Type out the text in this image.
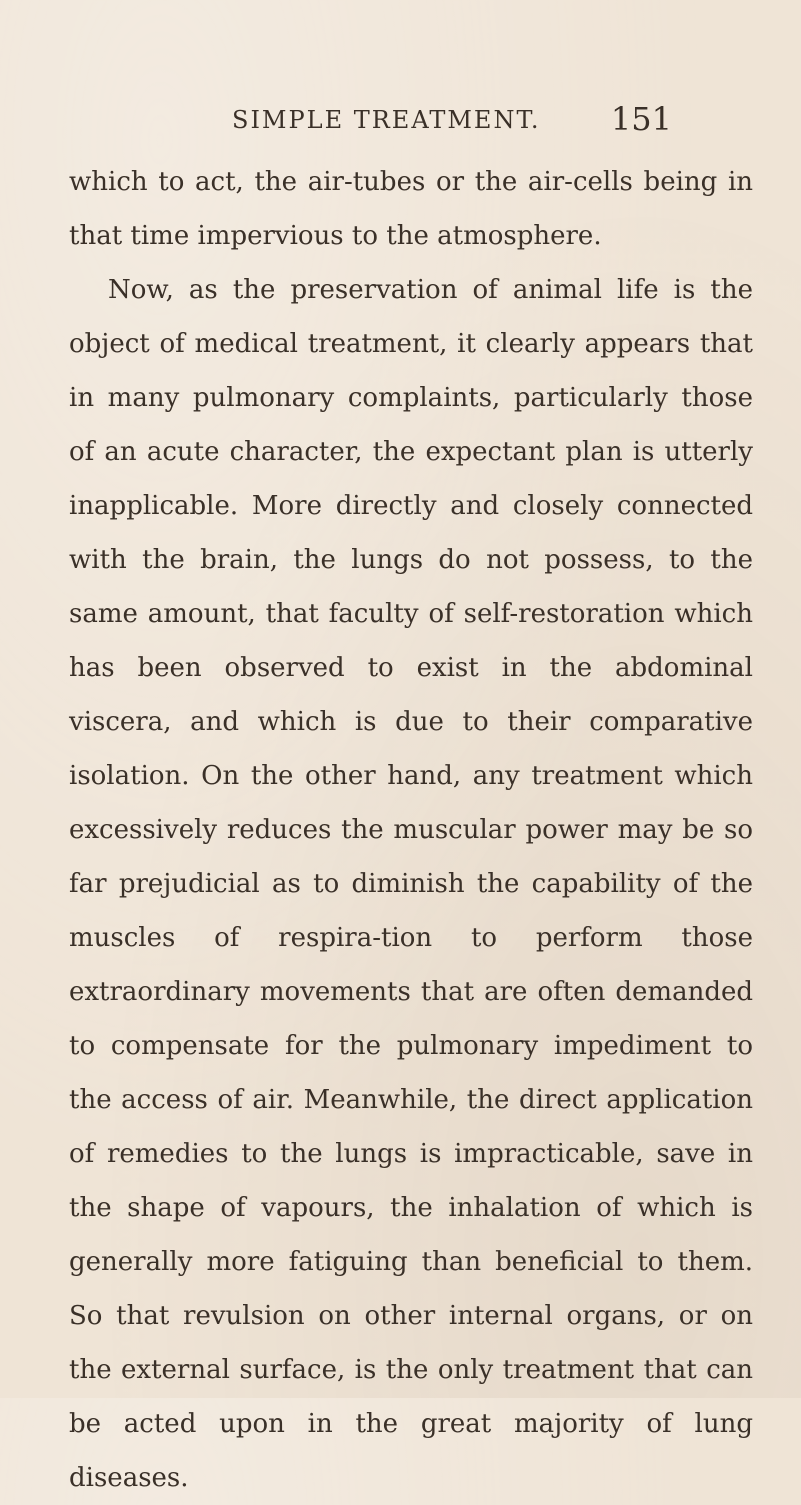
SIMPLE TREATMENT. 151

which to act, the air-tubes or the air-cells being in that time impervious to the atmosphere.

Now, as the preservation of animal life is the object of medical treatment, it clearly appears that in many pulmonary complaints, particularly those of an acute character, the expectant plan is utterly inapplicable. More directly and closely connected with the brain, the lungs do not possess, to the same amount, that faculty of self-restoration which has been observed to exist in the abdominal viscera, and which is due to their comparative isolation. On the other hand, any treatment which excessively reduces the muscular power may be so far prejudicial as to diminish the capability of the muscles of respira-tion to perform those extraordinary movements that are often demanded to compensate for the pulmonary impediment to the access of air. Meanwhile, the direct application of remedies to the lungs is impracticable, save in the shape of vapours, the inhalation of which is generally more fatiguing than beneficial to them. So that revulsion on other internal organs, or on the external surface, is the only treatment that can be acted upon in the great majority of lung diseases.
